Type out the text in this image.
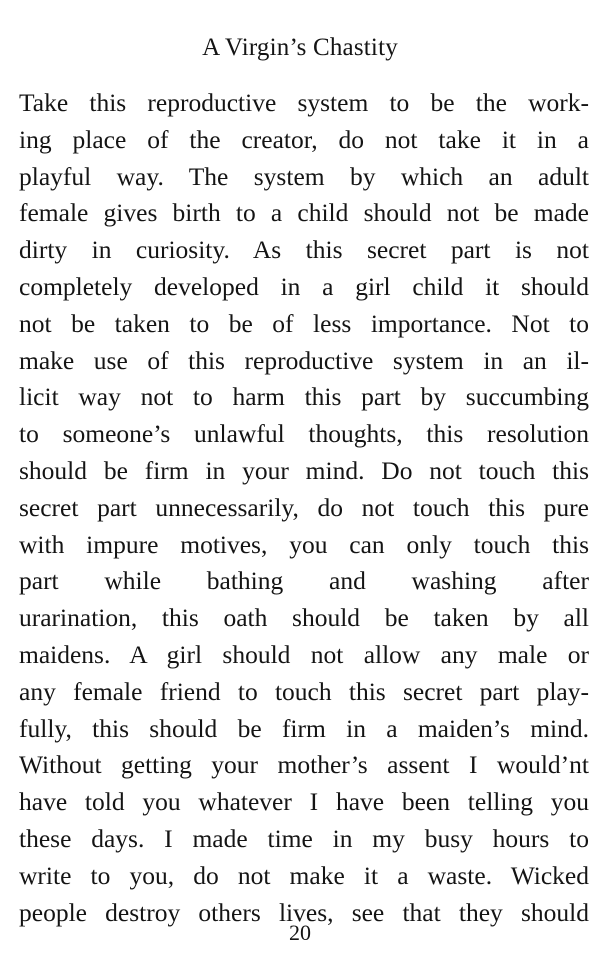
A Virgin’s Chastity
Take this reproductive system to be the work-
ing place of the creator, do not take it in a
playful way. The system by which an adult
female gives birth to a child should not be made
dirty in curiosity. As this secret part is not
completely developed in a girl child it should
not be taken to be of less importance. Not to
make use of this reproductive system in an il-
licit way not to harm this part by succumbing
to someone’s unlawful thoughts, this resolution
should be firm in your mind. Do not touch this
secret part unnecessarily, do not touch this pure
with impure motives, you can only touch this
part while bathing and washing after
urarination, this oath should be taken by all
maidens. A girl should not allow any male or
any female friend to touch this secret part play-
fully, this should be firm in a maiden’s mind.
Without getting your mother’s assent I would’nt
have told you whatever I have been telling you
these days. I made time in my busy hours to
write to you, do not make it a waste. Wicked
people destroy others lives, see that they should
20
